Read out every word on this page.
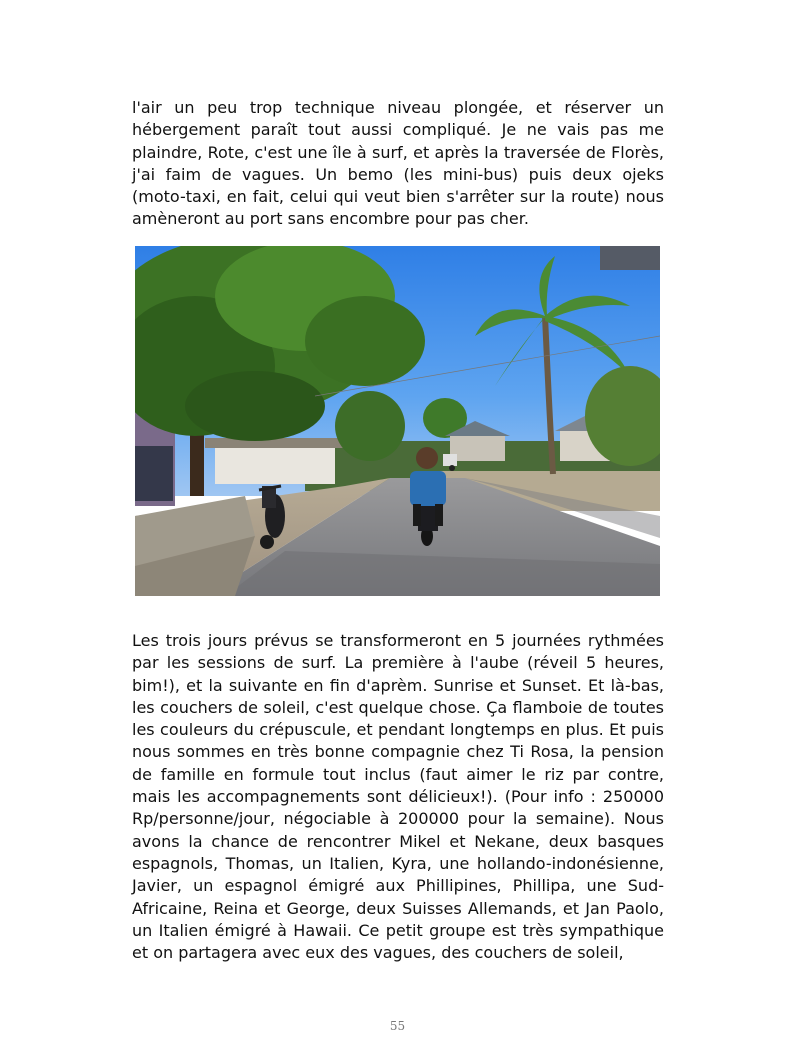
l'air un peu trop technique niveau plongée, et réserver un hébergement paraît tout aussi compliqué. Je ne vais pas me plaindre, Rote, c'est une île à surf, et après la traversée de Florès, j'ai faim de vagues. Un bemo (les mini-bus) puis deux ojeks (moto-taxi, en fait, celui qui veut bien s'arrêter sur la route) nous amèneront au port sans encombre pour pas cher.

Les trois jours prévus se transformeront en 5 journées rythmées par les sessions de surf. La première à l'aube (réveil 5 heures, bim!), et la suivante en fin d'aprèm. Sunrise et Sunset. Et là-bas, les couchers de soleil, c'est quelque chose. Ça flamboie de toutes les couleurs du crépuscule, et pendant longtemps en plus. Et puis nous sommes en très bonne compagnie chez Ti Rosa, la pension de famille en formule tout inclus (faut aimer le riz par contre, mais les accompagnements sont délicieux!). (Pour info : 250000 Rp/personne/jour, négociable à 200000 pour la semaine). Nous avons la chance de rencontrer Mikel et Nekane, deux basques espagnols, Thomas, un Italien, Kyra, une hollando-indonésienne, Javier, un espagnol émigré aux Phillipines, Phillipa, une Sud-Africaine, Reina et George, deux Suisses Allemands, et Jan Paolo, un Italien émigré à Hawaii. Ce petit groupe est très sympathique et on partagera avec eux des vagues, des couchers de soleil,

55
